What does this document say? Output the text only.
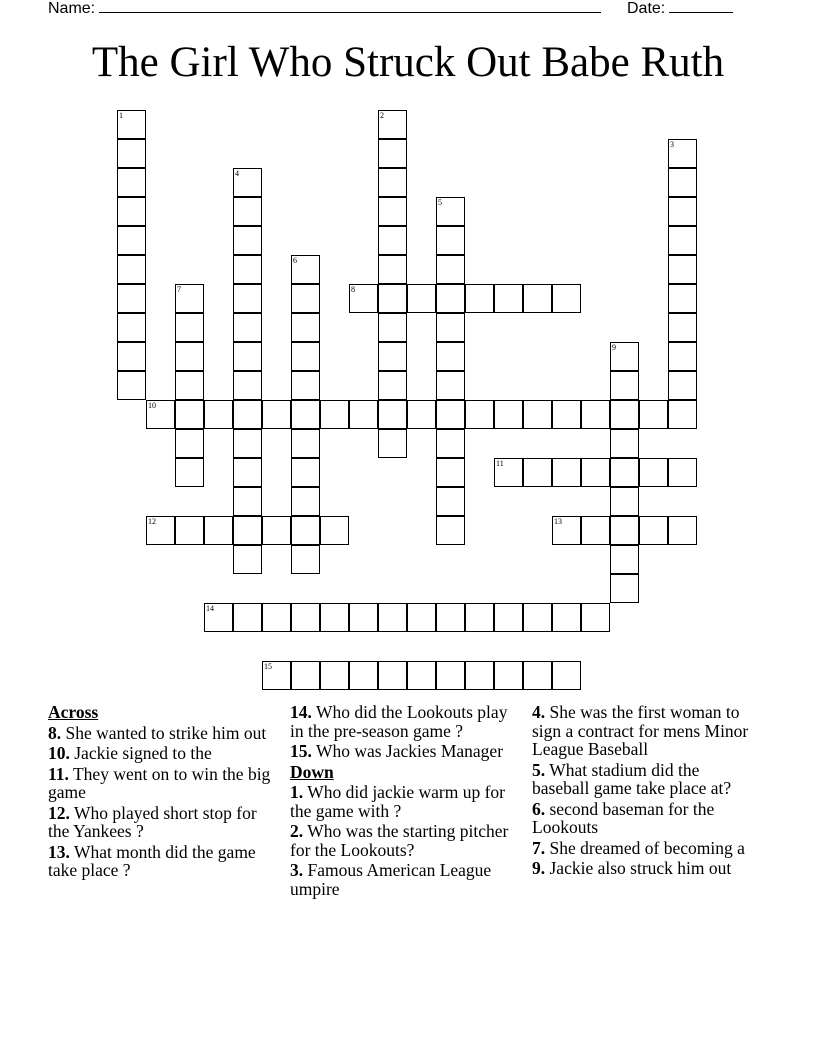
Name:	Date:
The Girl Who Struck Out Babe Ruth
1	2
3
4
5
6
7	8
9
10
11
12	13
14
15
Across
8. She wanted to strike him out
10. Jackie signed to the
11. They went on to win the big game
12. Who played short stop for the Yankees ?
13. What month did the game take place ?
14. Who did the Lookouts play in the pre-season game ?
15. Who was Jackies Manager
Down
1. Who did jackie warm up for the game with ?
2. Who was the starting pitcher for the Lookouts?
3. Famous American League umpire
4. She was the first woman to sign a contract for mens Minor League Baseball
5. What stadium did the baseball game take place at?
6. second baseman for the Lookouts
7. She dreamed of becoming a
9. Jackie also struck him out
